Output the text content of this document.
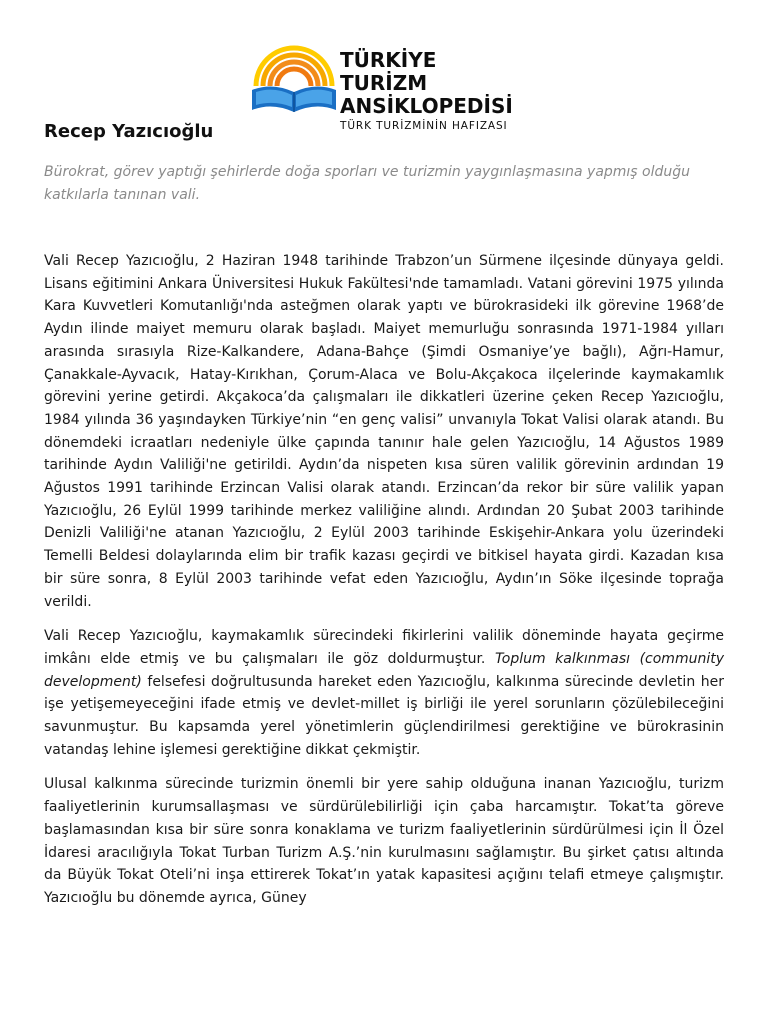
TÜRKİYE TURİZM
ANSİKLOPEDİSİ
TÜRK TURİZMİNİN HAFIZASI
Recep Yazıcıoğlu

Bürokrat, görev yaptığı şehirlerde doğa sporları ve turizmin yaygınlaşmasına yapmış olduğu katkılarla tanınan vali.

Vali Recep Yazıcıoğlu, 2 Haziran 1948 tarihinde Trabzon’un Sürmene ilçesinde dünyaya geldi. Lisans eğitimini Ankara Üniversitesi Hukuk Fakültesi'nde tamamladı. Vatani görevini 1975 yılında Kara Kuvvetleri Komutanlığı'nda asteğmen olarak yaptı ve bürokrasideki ilk görevine 1968’de Aydın ilinde maiyet memuru olarak başladı. Maiyet memurluğu sonrasında 1971-1984 yılları arasında sırasıyla Rize-Kalkandere, Adana-Bahçe (Şimdi Osmaniye’ye bağlı), Ağrı-Hamur, Çanakkale-Ayvacık, Hatay-Kırıkhan, Çorum-Alaca ve Bolu-Akçakoca ilçelerinde kaymakamlık görevini yerine getirdi. Akçakoca’da çalışmaları ile dikkatleri üzerine çeken Recep Yazıcıoğlu, 1984 yılında 36 yaşındayken Türkiye’nin “en genç valisi” unvanıyla Tokat Valisi olarak atandı. Bu dönemdeki icraatları nedeniyle ülke çapında tanınır hale gelen Yazıcıoğlu, 14 Ağustos 1989 tarihinde Aydın Valiliği'ne getirildi. Aydın’da nispeten kısa süren valilik görevinin ardından 19 Ağustos 1991 tarihinde Erzincan Valisi olarak atandı. Erzincan’da rekor bir süre valilik yapan Yazıcıoğlu, 26 Eylül 1999 tarihinde merkez valiliğine alındı. Ardından 20 Şubat 2003 tarihinde Denizli Valiliği'ne atanan Yazıcıoğlu, 2 Eylül 2003 tarihinde Eskişehir-Ankara yolu üzerindeki Temelli Beldesi dolaylarında elim bir trafik kazası geçirdi ve bitkisel hayata girdi. Kazadan kısa bir süre sonra, 8 Eylül 2003 tarihinde vefat eden Yazıcıoğlu, Aydın’ın Söke ilçesinde toprağa verildi.

Vali Recep Yazıcıoğlu, kaymakamlık sürecindeki fikirlerini valilik döneminde hayata geçirme imkânı elde etmiş ve bu çalışmaları ile göz doldurmuştur. Toplum kalkınması (community development) felsefesi doğrultusunda hareket eden Yazıcıoğlu, kalkınma sürecinde devletin her işe yetişemeyeceğini ifade etmiş ve devlet-millet iş birliği ile yerel sorunların çözülebileceğini savunmuştur. Bu kapsamda yerel yönetimlerin güçlendirilmesi gerektiğine ve bürokrasinin vatandaş lehine işlemesi gerektiğine dikkat çekmiştir.

Ulusal kalkınma sürecinde turizmin önemli bir yere sahip olduğuna inanan Yazıcıoğlu, turizm faaliyetlerinin kurumsallaşması ve sürdürülebilirliği için çaba harcamıştır. Tokat’ta göreve başlamasından kısa bir süre sonra konaklama ve turizm faaliyetlerinin sürdürülmesi için İl Özel İdaresi aracılığıyla Tokat Turban Turizm A.Ş.’nin kurulmasını sağlamıştır. Bu şirket çatısı altında da Büyük Tokat Oteli’ni inşa ettirerek Tokat’ın yatak kapasitesi açığını telafi etmeye çalışmıştır. Yazıcıoğlu bu dönemde ayrıca, Güney
